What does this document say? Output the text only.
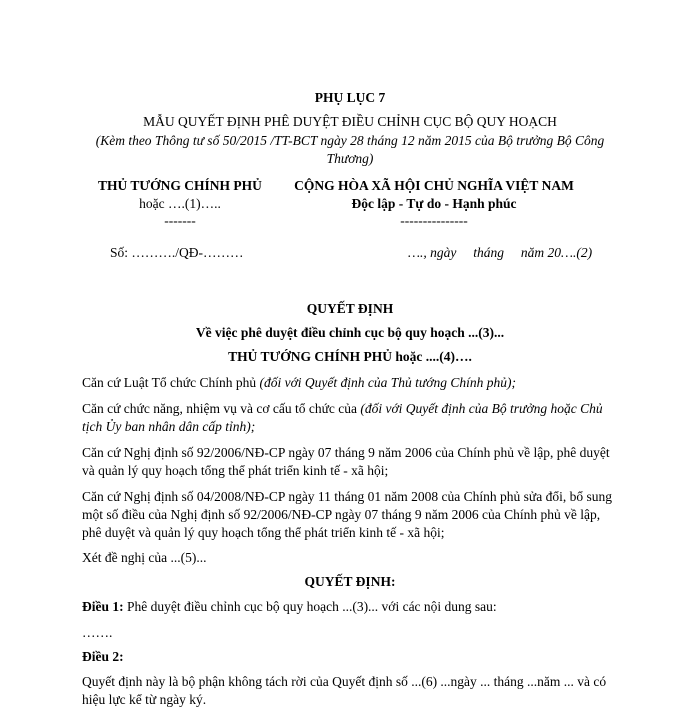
PHỤ LỤC 7
MẪU QUYẾT ĐỊNH PHÊ DUYỆT ĐIỀU CHỈNH CỤC BỘ QUY HOẠCH
(Kèm theo Thông tư số 50/2015 /TT-BCT ngày 28 tháng 12 năm 2015 của Bộ trưởng Bộ Công
Thương)
THỦ TƯỚNG CHÍNH PHỦ
hoặc ….(1)…..
-------
CỘNG HÒA XÃ HỘI CHỦ NGHĨA VIỆT NAM
Độc lập - Tự do - Hạnh phúc
---------------
Số: ………./QĐ-………	…., ngày     tháng     năm 20….(2)
QUYẾT ĐỊNH
Về việc phê duyệt điều chỉnh cục bộ quy hoạch ...(3)...
THỦ TƯỚNG CHÍNH PHỦ hoặc ....(4)….
Căn cứ Luật Tổ chức Chính phủ (đối với Quyết định của Thủ tướng Chính phủ);
Căn cứ chức năng, nhiệm vụ và cơ cấu tổ chức của (đối với Quyết định của Bộ trưởng hoặc Chủ tịch Ủy ban nhân dân cấp tỉnh);
Căn cứ Nghị định số 92/2006/NĐ-CP ngày 07 tháng 9 năm 2006 của Chính phủ về lập, phê duyệt và quản lý quy hoạch tổng thể phát triển kinh tế - xã hội;
Căn cứ Nghị định số 04/2008/NĐ-CP ngày 11 tháng 01 năm 2008 của Chính phủ sửa đổi, bổ sung một số điều của Nghị định số 92/2006/NĐ-CP ngày 07 tháng 9 năm 2006 của Chính phủ về lập, phê duyệt và quản lý quy hoạch tổng thể phát triển kinh tế - xã hội;
Xét đề nghị của ...(5)...
QUYẾT ĐỊNH:
Điều 1: Phê duyệt điều chỉnh cục bộ quy hoạch ...(3)... với các nội dung sau:
…….
Điều 2:
Quyết định này là bộ phận không tách rời của Quyết định số ...(6) ...ngày ... tháng ...năm ... và có hiệu lực kể từ ngày ký.
